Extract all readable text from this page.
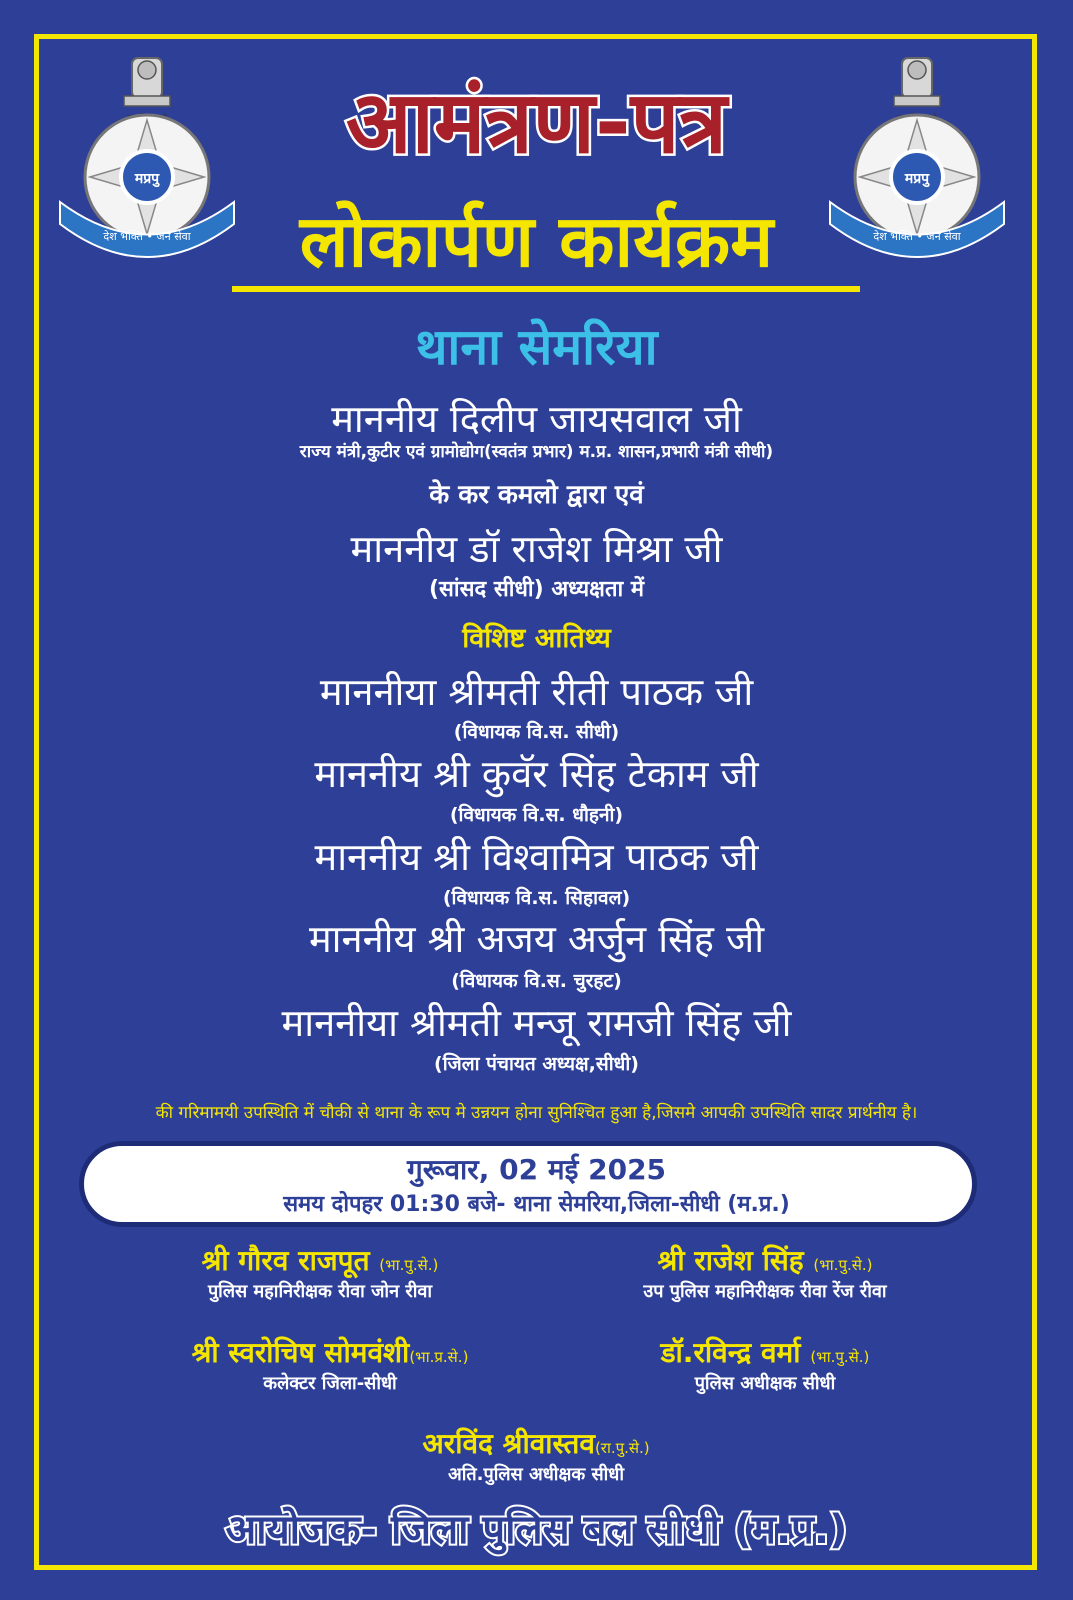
मप्रपु
देश भक्ति • जन सेवा
मप्रपु
देश भक्ति • जन सेवा
आमंत्रण-पत्र
लोकार्पण कार्यक्रम
थाना सेमरिया
माननीय दिलीप जायसवाल जी
राज्य मंत्री,कुटीर एवं ग्रामोद्योग(स्वतंत्र प्रभार) म.प्र. शासन,प्रभारी मंत्री सीधी)
के कर कमलो द्वारा एवं
माननीय डॉ राजेश मिश्रा जी
(सांसद सीधी) अध्यक्षता में
विशिष्ट आतिथ्य
माननीया श्रीमती रीती पाठक जी
(विधायक वि.स. सीधी)
माननीय श्री कुवॅर सिंह टेकाम जी
(विधायक वि.स. धौहनी)
माननीय श्री विश्वामित्र पाठक जी
(विधायक वि.स. सिहावल)
माननीय श्री अजय अर्जुन सिंह जी
(विधायक वि.स. चुरहट)
माननीया श्रीमती मन्जू रामजी सिंह जी
(जिला पंचायत अध्यक्ष,सीधी)
की गरिमामयी उपस्थिति में चौकी से थाना के रूप मे उन्नयन होना सुनिश्चित हुआ है,जिसमे आपकी उपस्थिति सादर प्रार्थनीय है।
गुरूवार, 02 मई 2025
समय दोपहर 01:30 बजे- थाना सेमरिया,जिला-सीधी (म.प्र.)
श्री गौरव राजपूत (भा.पु.से.)
पुलिस महानिरीक्षक रीवा जोन रीवा
श्री राजेश सिंह (भा.पु.से.)
उप पुलिस महानिरीक्षक रीवा रेंज रीवा
श्री स्वरोचिष सोमवंशी(भा.प्र.से.)
कलेक्टर जिला-सीधी
डॉ.रविन्द्र वर्मा (भा.पु.से.)
पुलिस अधीक्षक सीधी
अरविंद श्रीवास्तव(रा.पु.से.)
अति.पुलिस अधीक्षक सीधी
आयोजक- जिला पुलिस बल सीधी (म.प्र.)
